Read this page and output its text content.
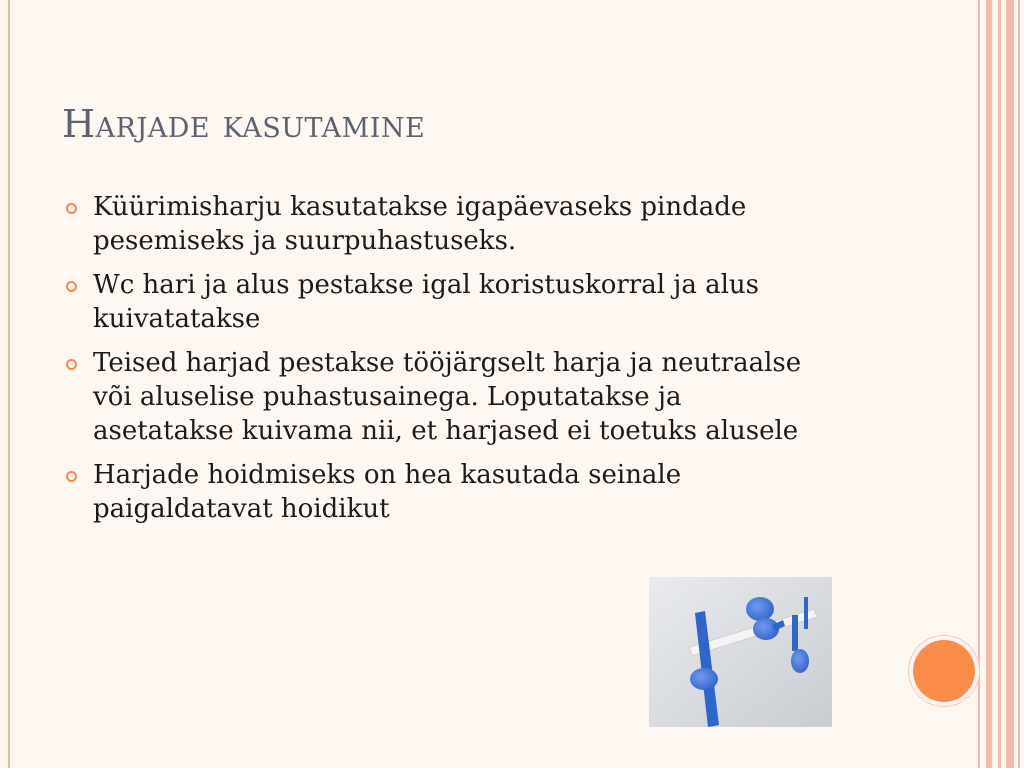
Harjade kasutamine
Küürimisharju kasutatakse igapäevaseks pindade pesemiseks ja suurpuhastuseks.
Wc hari ja alus pestakse igal koristuskorral ja alus kuivatatakse
Teised harjad pestakse tööjärgselt harja ja neutraalse või aluselise puhastusainega. Loputatakse ja asetatakse kuivama nii, et harjased ei toetuks alusele
Harjade hoidmiseks on hea kasutada seinale paigaldatavat hoidikut
